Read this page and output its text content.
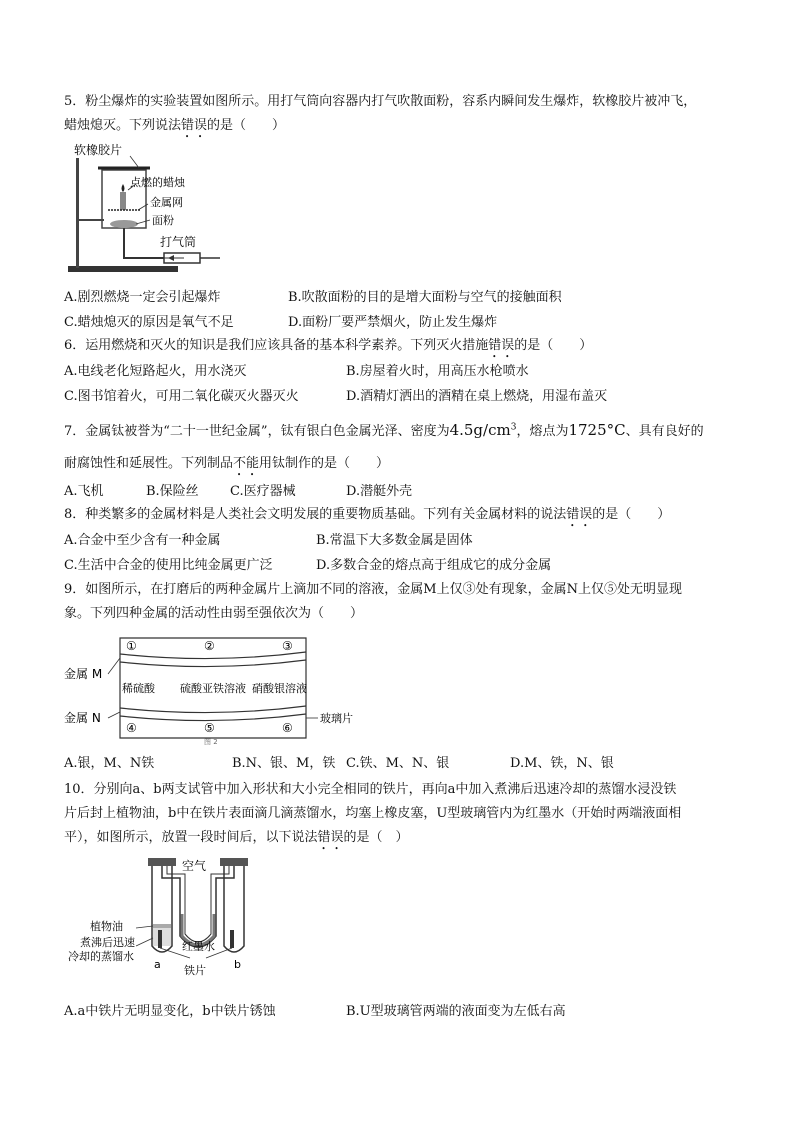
5．粉尘爆炸的实验装置如图所示。用打气筒向容器内打气吹散面粉，容系内瞬间发生爆炸，软橡胶片被冲飞，
蜡烛熄灭。下列说法错误的是（　　）
软橡胶片
点燃的蜡烛
金属网
面粉
打气筒
A.剧烈燃烧一定会引起爆炸	B.吹散面粉的目的是增大面粉与空气的接触面积
C.蜡烛熄灭的原因是氧气不足	D.面粉厂要严禁烟火，防止发生爆炸
6．运用燃烧和灭火的知识是我们应该具备的基本科学素养。下列灭火措施错误的是（　　）
A.电线老化短路起火，用水浇灭	B.房屋着火时，用高压水枪喷水
C.图书馆着火，可用二氧化碳灭火器灭火	D.酒精灯洒出的酒精在桌上燃烧，用湿布盖灭
7．金属钛被誉为“二十一世纪金属”，钛有银白色金属光泽、密度为$4.5g/cm^3$，熔点为1725°C、具有良好的
耐腐蚀性和延展性。下列制品不能用钛制作的是（　　）
A.飞机	B.保险丝 C.医疗器械	D.潜艇外壳
8．种类繁多的金属材料是人类社会文明发展的重要物质基础。下列有关金属材料的说法错误的是（　　）
A.合金中至少含有一种金属	B.常温下大多数金属是固体
C.生活中合金的使用比纯金属更广泛	D.多数合金的熔点高于组成它的成分金属
9．如图所示，在打磨后的两种金属片上滴加不同的溶液，金属M上仅③处有现象，金属N上仅⑤处无明显现
象。下列四种金属的活动性由弱至强依次为（　　）
金属 M
金属 N
①	②	③
稀硫酸 硫酸亚铁溶液 硝酸银溶液
④	⑤	⑥
玻璃片
图 2
A.银，M、N铁	B.N、银、M，铁 C.铁、M、N、银	D.M、铁，N、银
10．分别向a、b两支试管中加入形状和大小完全相同的铁片，再向a中加入煮沸后迅速冷却的蒸馏水浸没铁
片后封上植物油，b中在铁片表面滴几滴蒸馏水，均塞上橡皮塞，U型玻璃管内为红墨水（开始时两端液面相
平），如图所示，放置一段时间后，以下说法错误的是（　）
空气
植物油
煮沸后迅速
冷却的蒸馏水
红墨水
铁片
a	b
A.a中铁片无明显变化，b中铁片锈蚀	B.U型玻璃管两端的液面变为左低右高
